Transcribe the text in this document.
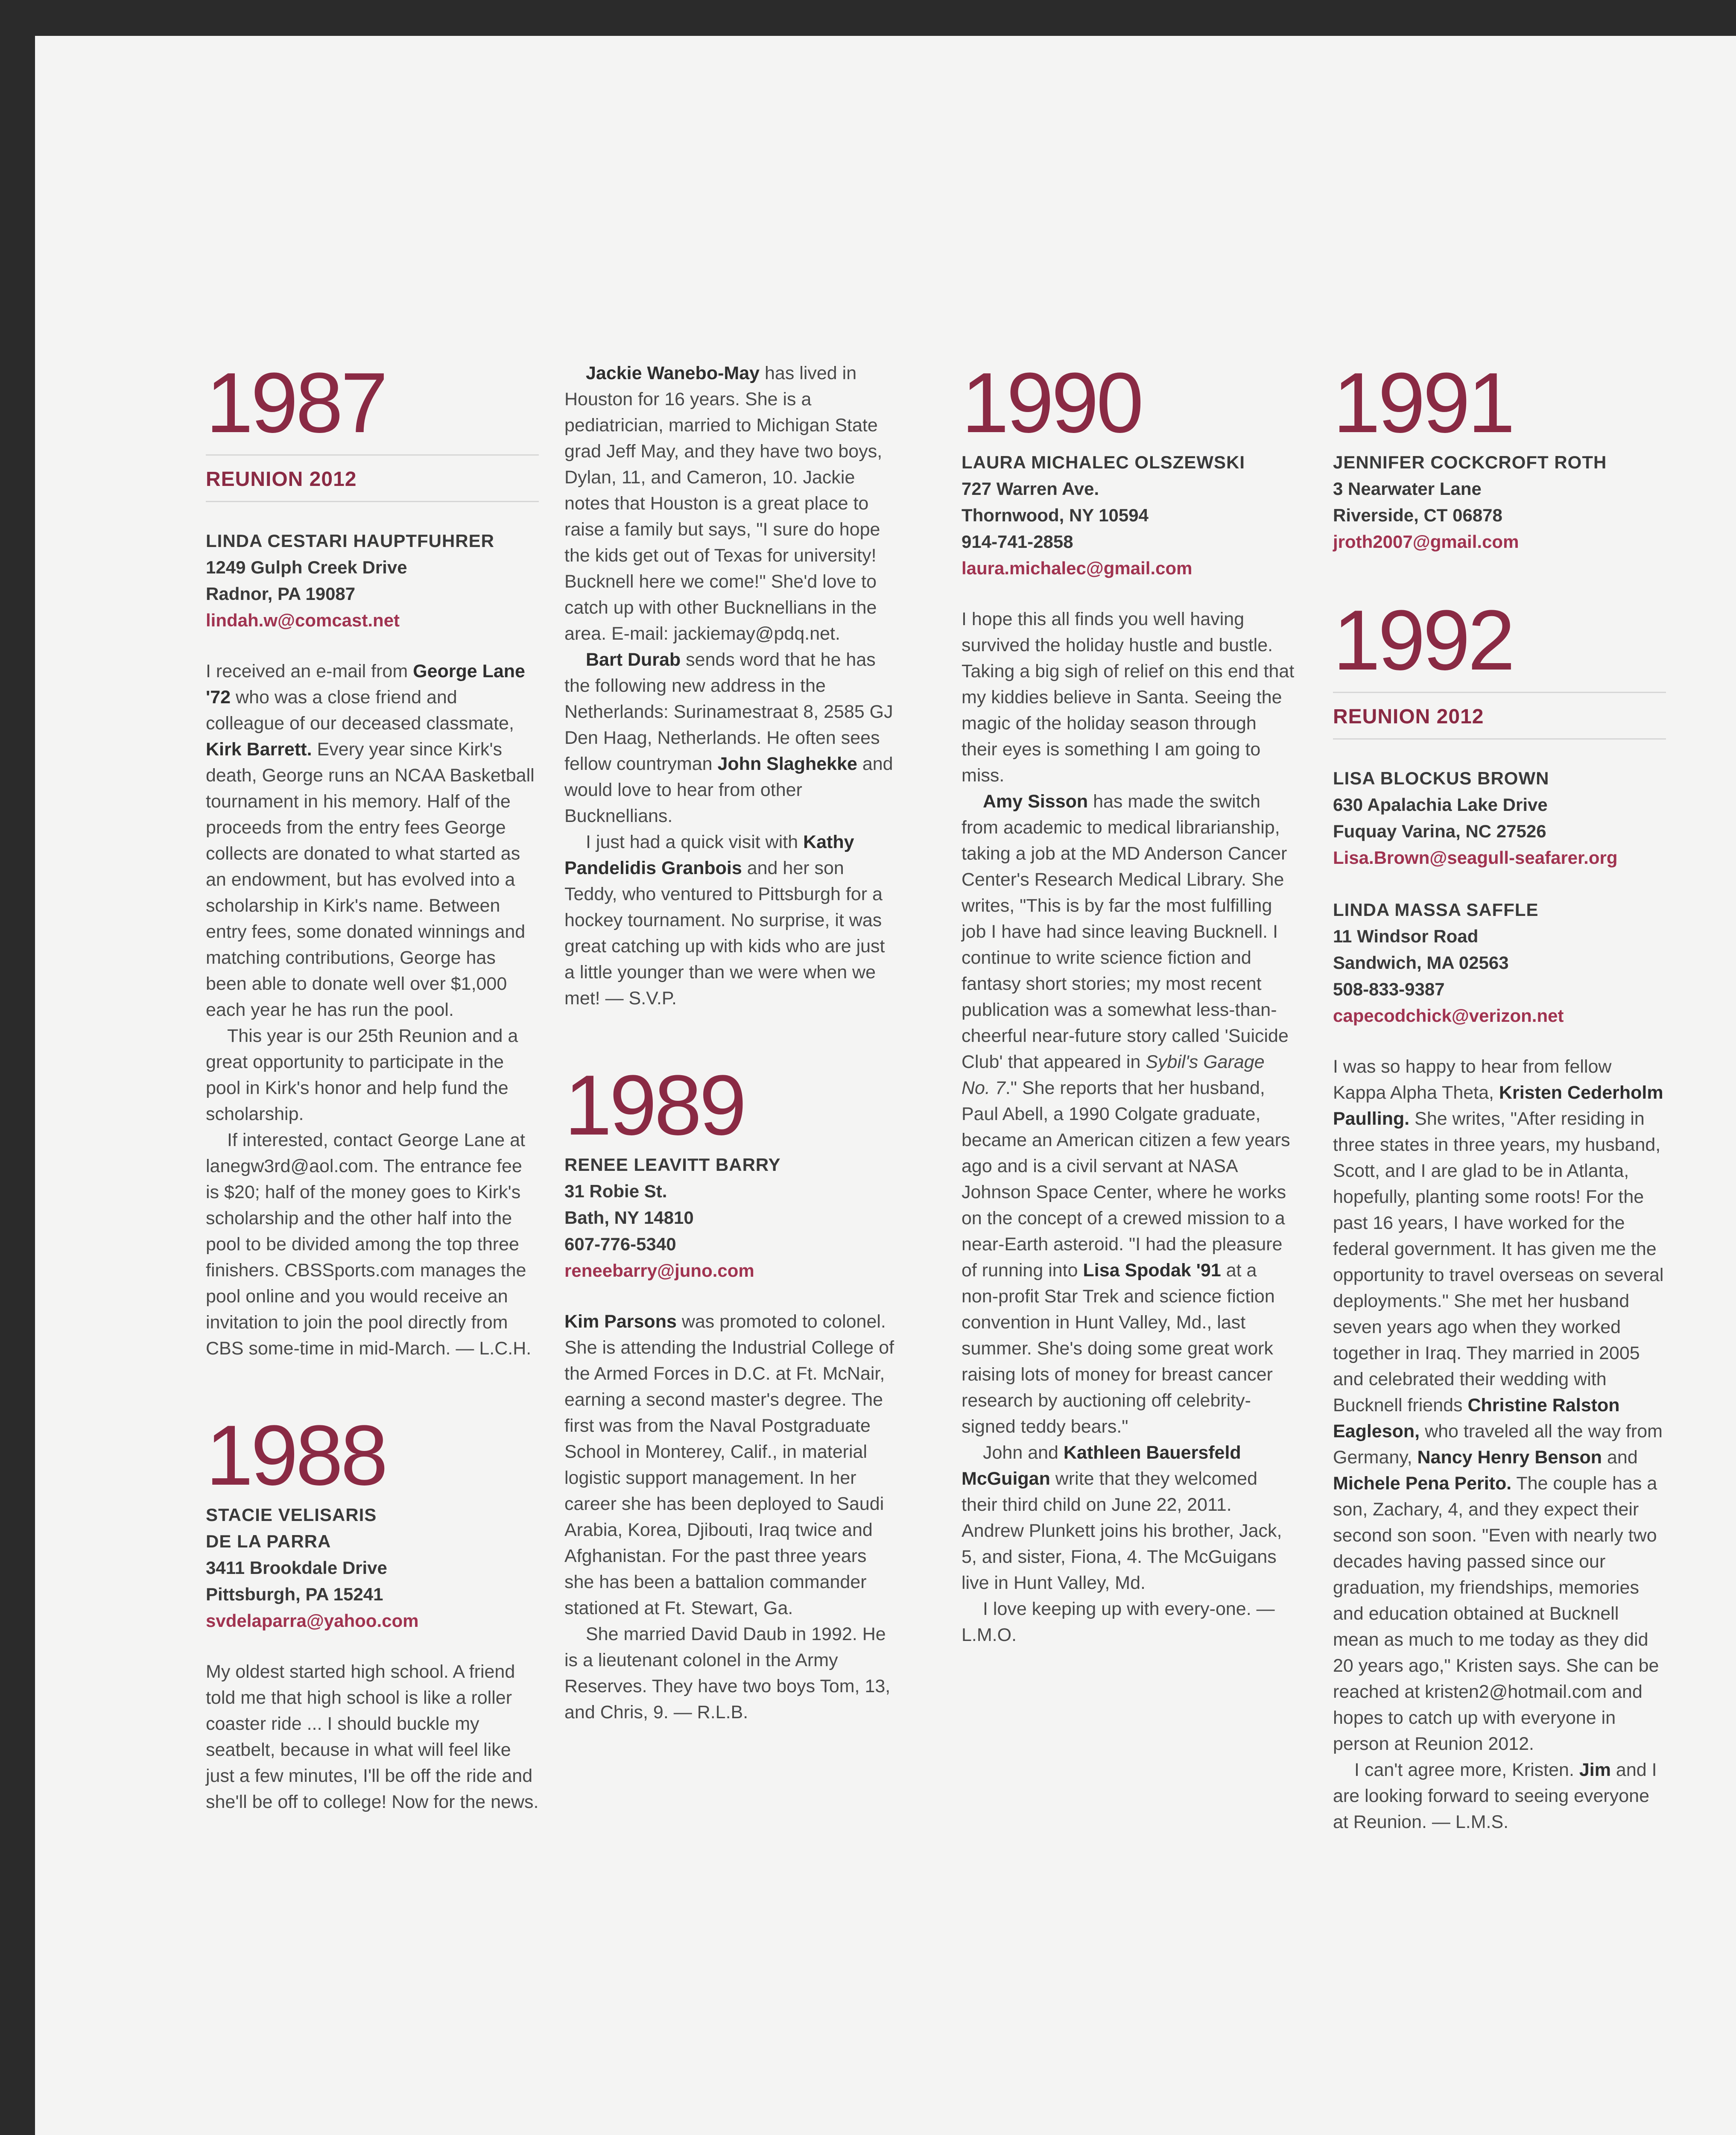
1987
REUNION 2012
LINDA CESTARI HAUPTFUHRER
1249 Gulph Creek Drive
Radnor, PA 19087
lindah.w@comcast.net

I received an e-mail from George Lane '72 who was a close friend and colleague of our deceased classmate, Kirk Barrett. Every year since Kirk's death, George runs an NCAA Basketball tournament in his memory. Half of the proceeds from the entry fees George collects are donated to what started as an endowment, but has evolved into a scholarship in Kirk's name. Between entry fees, some donated winnings and matching contributions, George has been able to donate well over $1,000 each year he has run the pool.

This year is our 25th Reunion and a great opportunity to participate in the pool in Kirk's honor and help fund the scholarship.

If interested, contact George Lane at lanegw3rd@aol.com. The entrance fee is $20; half of the money goes to Kirk's scholarship and the other half into the pool to be divided among the top three finishers. CBSSports.com manages the pool online and you would receive an invitation to join the pool directly from CBS some-time in mid-March. — L.C.H.

1988
STACIE VELISARIS
DE LA PARRA
3411 Brookdale Drive
Pittsburgh, PA 15241
svdelaparra@yahoo.com

My oldest started high school. A friend told me that high school is like a roller coaster ride ... I should buckle my seatbelt, because in what will feel like just a few minutes, I'll be off the ride and she'll be off to college! Now for the news.

Jackie Wanebo-May has lived in Houston for 16 years. She is a pediatrician, married to Michigan State grad Jeff May, and they have two boys, Dylan, 11, and Cameron, 10. Jackie notes that Houston is a great place to raise a family but says, "I sure do hope the kids get out of Texas for university! Bucknell here we come!" She'd love to catch up with other Bucknellians in the area. E-mail: jackiemay@pdq.net.

Bart Durab sends word that he has the following new address in the Netherlands: Surinamestraat 8, 2585 GJ Den Haag, Netherlands. He often sees fellow countryman John Slaghekke and would love to hear from other Bucknellians.

I just had a quick visit with Kathy Pandelidis Granbois and her son Teddy, who ventured to Pittsburgh for a hockey tournament. No surprise, it was great catching up with kids who are just a little younger than we were when we met! — S.V.P.

1989
RENEE LEAVITT BARRY
31 Robie St.
Bath, NY 14810
607-776-5340
reneebarry@juno.com

Kim Parsons was promoted to colonel. She is attending the Industrial College of the Armed Forces in D.C. at Ft. McNair, earning a second master's degree. The first was from the Naval Postgraduate School in Monterey, Calif., in material logistic support management. In her career she has been deployed to Saudi Arabia, Korea, Djibouti, Iraq twice and Afghanistan. For the past three years she has been a battalion commander stationed at Ft. Stewart, Ga.

She married David Daub in 1992. He is a lieutenant colonel in the Army Reserves. They have two boys Tom, 13, and Chris, 9. — R.L.B.

1990
LAURA MICHALEC OLSZEWSKI
727 Warren Ave.
Thornwood, NY 10594
914-741-2858
laura.michalec@gmail.com

I hope this all finds you well having survived the holiday hustle and bustle. Taking a big sigh of relief on this end that my kiddies believe in Santa. Seeing the magic of the holiday season through their eyes is something I am going to miss.

Amy Sisson has made the switch from academic to medical librarianship, taking a job at the MD Anderson Cancer Center's Research Medical Library. She writes, "This is by far the most fulfilling job I have had since leaving Bucknell. I continue to write science fiction and fantasy short stories; my most recent publication was a somewhat less-than-cheerful near-future story called 'Suicide Club' that appeared in Sybil's Garage No. 7." She reports that her husband, Paul Abell, a 1990 Colgate graduate, became an American citizen a few years ago and is a civil servant at NASA Johnson Space Center, where he works on the concept of a crewed mission to a near-Earth asteroid. "I had the pleasure of running into Lisa Spodak '91 at a non-profit Star Trek and science fiction convention in Hunt Valley, Md., last summer. She's doing some great work raising lots of money for breast cancer research by auctioning off celebrity-signed teddy bears."

John and Kathleen Bauersfeld McGuigan write that they welcomed their third child on June 22, 2011. Andrew Plunkett joins his brother, Jack, 5, and sister, Fiona, 4. The McGuigans live in Hunt Valley, Md.

I love keeping up with every-one. — L.M.O.

1991
JENNIFER COCKCROFT ROTH
3 Nearwater Lane
Riverside, CT 06878
jroth2007@gmail.com
1992
REUNION 2012
LISA BLOCKUS BROWN
630 Apalachia Lake Drive
Fuquay Varina, NC 27526
Lisa.Brown@seagull-seafarer.org
LINDA MASSA SAFFLE
11 Windsor Road
Sandwich, MA 02563
508-833-9387
capecodchick@verizon.net

I was so happy to hear from fellow Kappa Alpha Theta, Kristen Cederholm Paulling. She writes, "After residing in three states in three years, my husband, Scott, and I are glad to be in Atlanta, hopefully, planting some roots! For the past 16 years, I have worked for the federal government. It has given me the opportunity to travel overseas on several deployments." She met her husband seven years ago when they worked together in Iraq. They married in 2005 and celebrated their wedding with Bucknell friends Christine Ralston Eagleson, who traveled all the way from Germany, Nancy Henry Benson and Michele Pena Perito. The couple has a son, Zachary, 4, and they expect their second son soon. "Even with nearly two decades having passed since our graduation, my friendships, memories and education obtained at Bucknell mean as much to me today as they did 20 years ago," Kristen says. She can be reached at kristen2@hotmail.com and hopes to catch up with everyone in person at Reunion 2012.

I can't agree more, Kristen. Jim and I are looking forward to seeing everyone at Reunion. — L.M.S.
